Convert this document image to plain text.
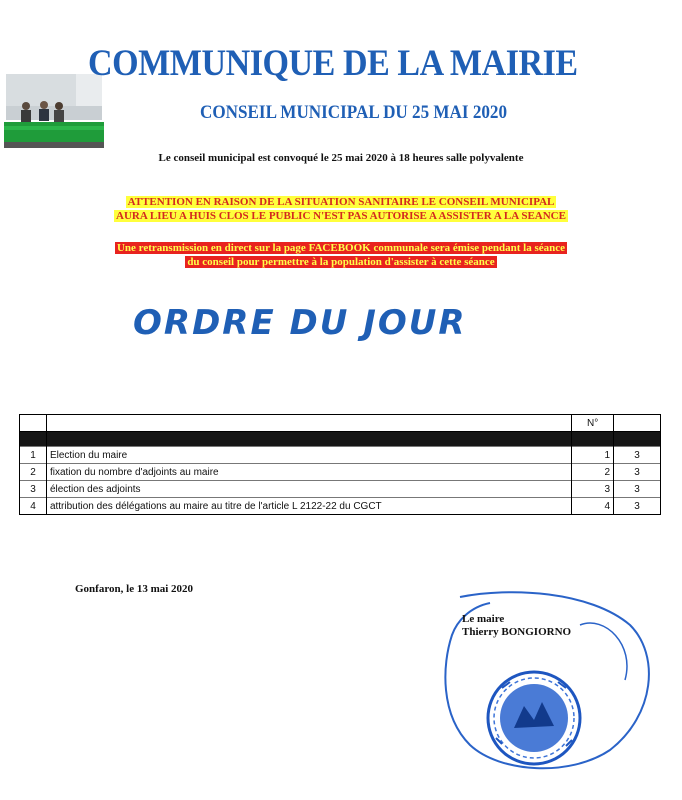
COMMUNIQUE DE LA MAIRIE
CONSEIL MUNICIPAL DU 25 MAI 2020
Le conseil municipal est convoqué le 25 mai 2020 à 18 heures salle polyvalente
ATTENTION EN RAISON DE LA SITUATION SANITAIRE LE CONSEIL MUNICIPAL
AURA LIEU A HUIS CLOS LE PUBLIC N'EST PAS AUTORISE A ASSISTER A LA SEANCE
Une retransmission en direct sur la page FACEBOOK communale sera émise pendant la séance
du conseil pour permettre à la population d'assister à cette séance
ORDRE DU JOUR
		N°	

1	Election du maire	1	3
2	fixation du nombre d'adjoints au maire	2	3
3	élection des adjoints	3	3
4	attribution des délégations au maire au titre de l'article L 2122-22 du CGCT	4	3
Gonfaron, le 13 mai 2020
Le maire
Thierry BONGIORNO
